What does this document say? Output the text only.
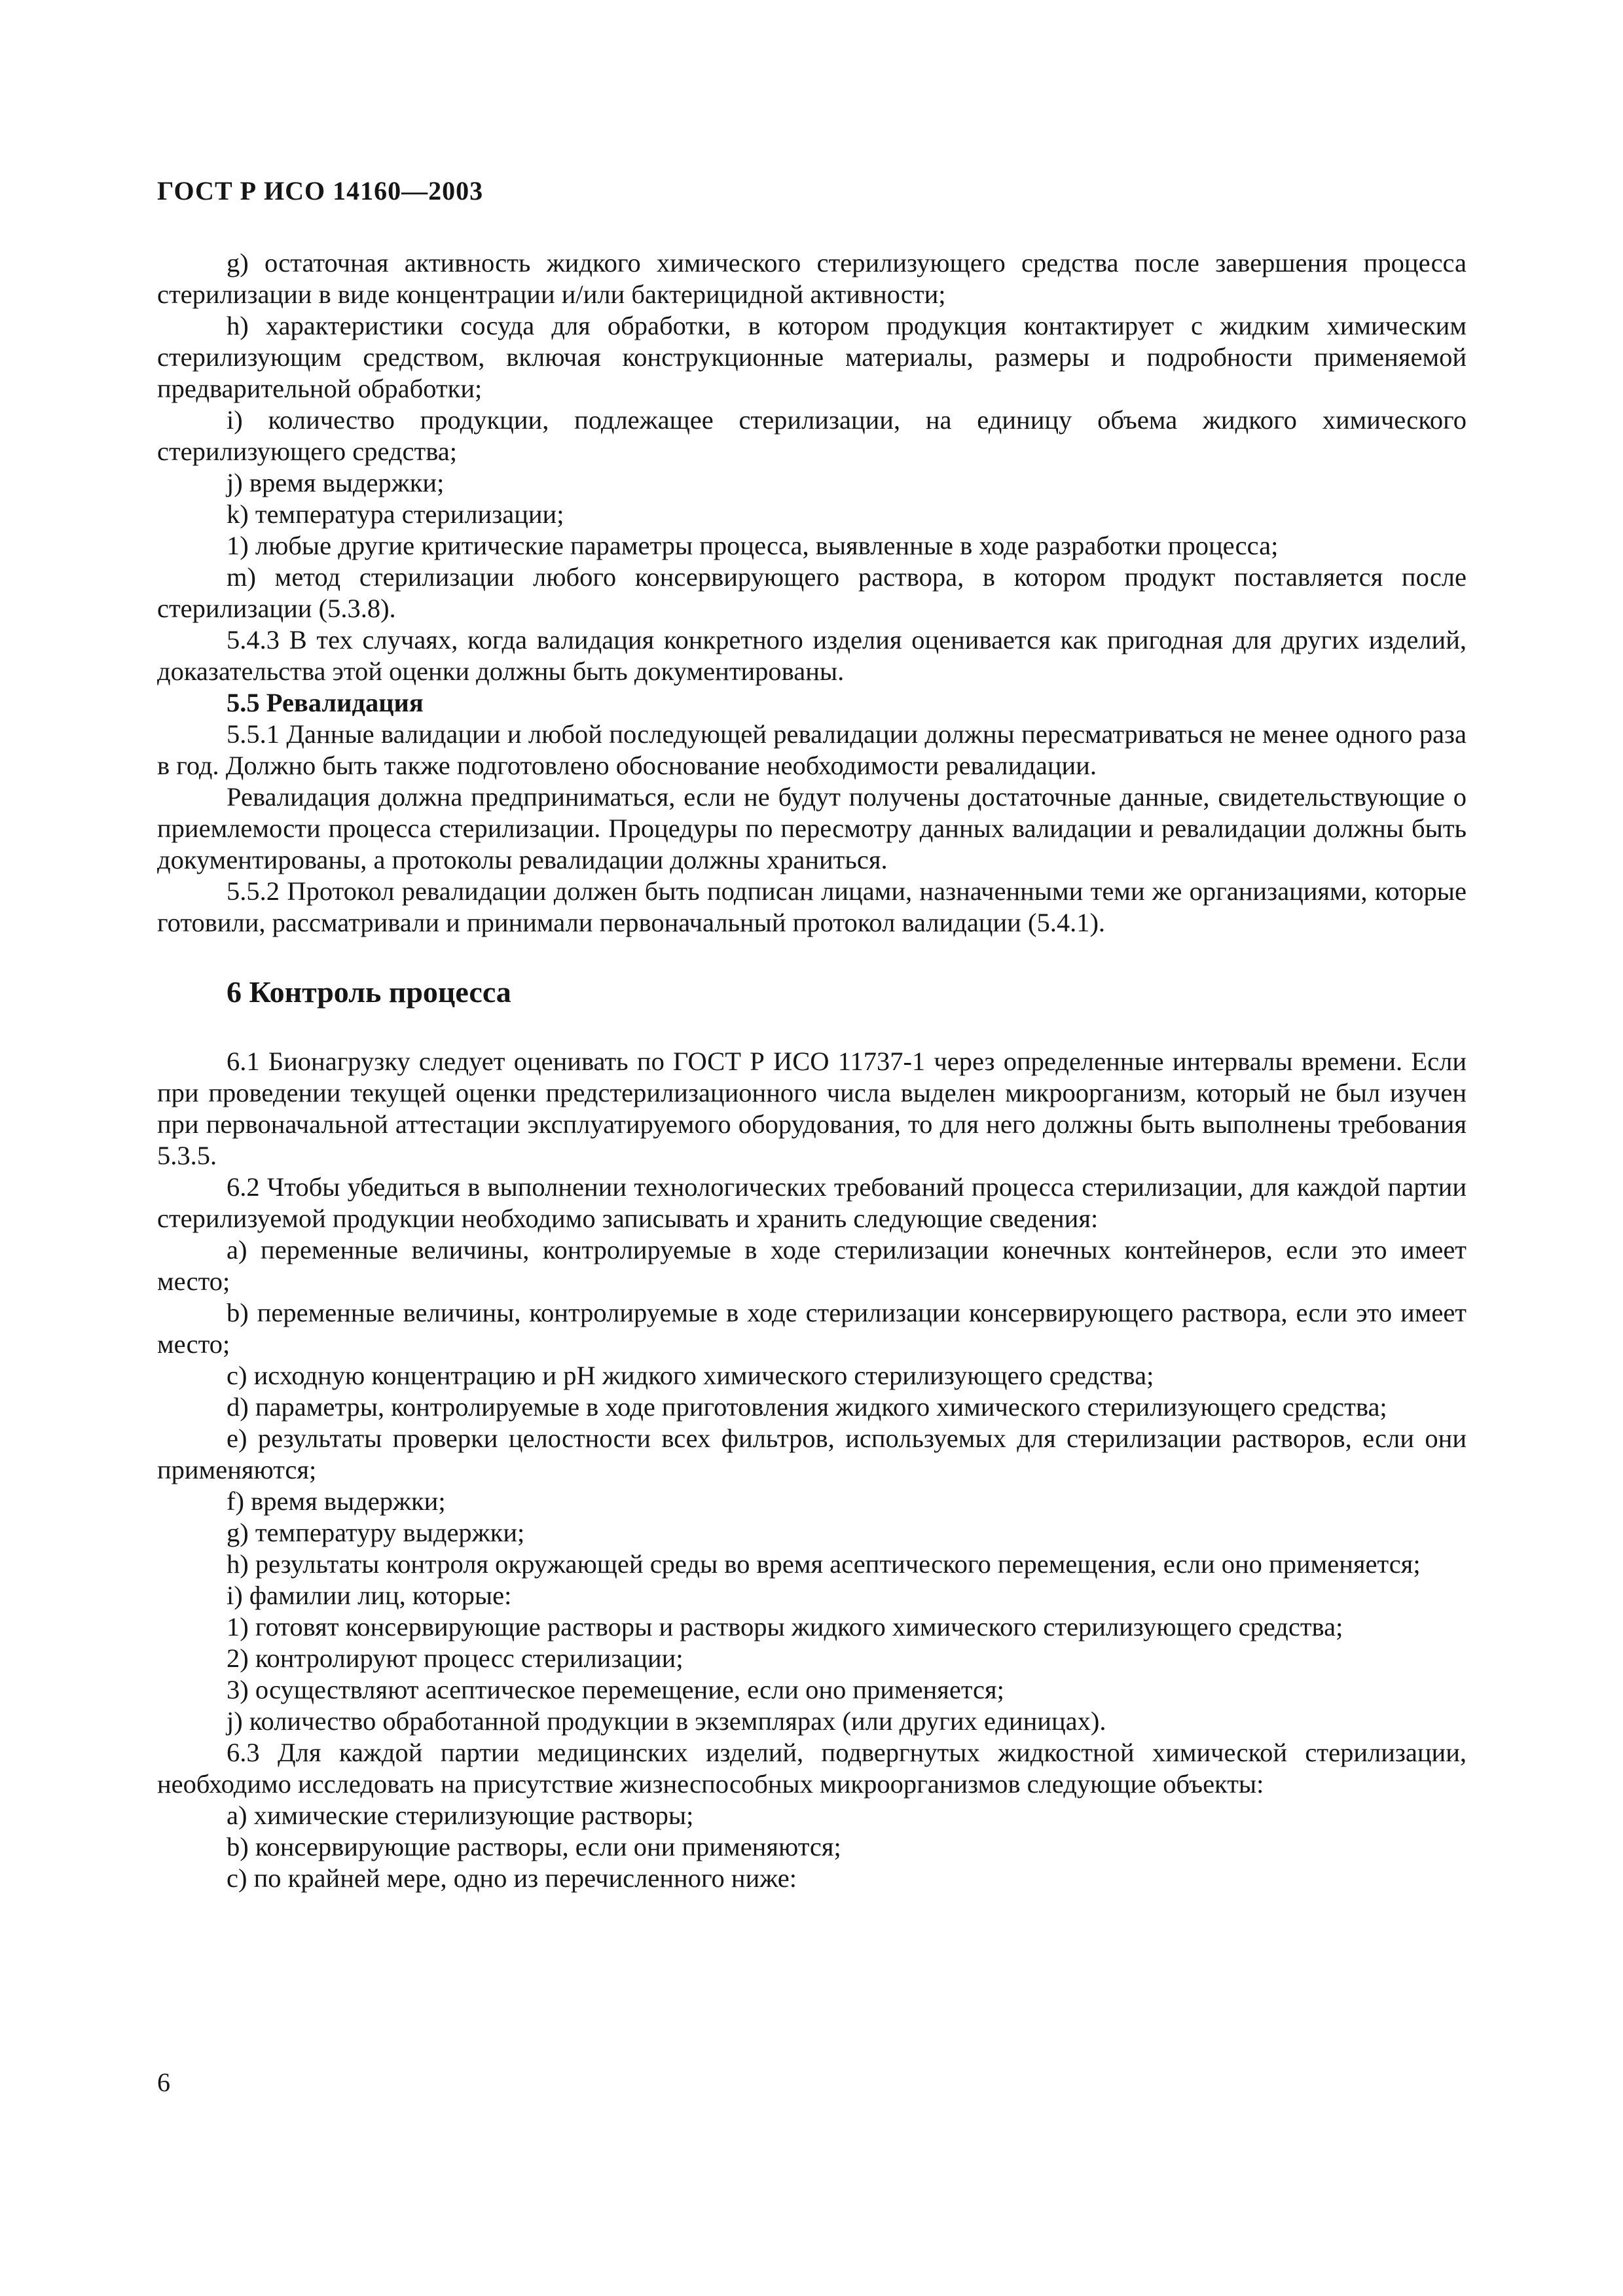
ГОСТ Р ИСО 14160—2003

g) остаточная активность жидкого химического стерилизующего средства после завершения процесса стерилизации в виде концентрации и/или бактерицидной активности;

h) характеристики сосуда для обработки, в котором продукция контактирует с жидким химическим стерилизующим средством, включая конструкционные материалы, размеры и подробности применяемой предварительной обработки;

i) количество продукции, подлежащее стерилизации, на единицу объема жидкого химического стерилизующего средства;

j) время выдержки;

k) температура стерилизации;

1) любые другие критические параметры процесса, выявленные в ходе разработки процесса;

m) метод стерилизации любого консервирующего раствора, в котором продукт поставляется после стерилизации (5.3.8).

5.4.3 В тех случаях, когда валидация конкретного изделия оценивается как пригодная для других изделий, доказательства этой оценки должны быть документированы.

5.5 Ревалидация

5.5.1 Данные валидации и любой последующей ревалидации должны пересматриваться не менее одного раза в год. Должно быть также подготовлено обоснование необходимости ревалидации.

Ревалидация должна предприниматься, если не будут получены достаточные данные, свидетельствующие о приемлемости процесса стерилизации. Процедуры по пересмотру данных валидации и ревалидации должны быть документированы, а протоколы ревалидации должны храниться.

5.5.2 Протокол ревалидации должен быть подписан лицами, назначенными теми же организациями, которые готовили, рассматривали и принимали первоначальный протокол валидации (5.4.1).

6 Контроль процесса

6.1 Бионагрузку следует оценивать по ГОСТ Р ИСО 11737-1 через определенные интервалы времени. Если при проведении текущей оценки предстерилизационного числа выделен микроорганизм, который не был изучен при первоначальной аттестации эксплуатируемого оборудования, то для него должны быть выполнены требования 5.3.5.

6.2 Чтобы убедиться в выполнении технологических требований процесса стерилизации, для каждой партии стерилизуемой продукции необходимо записывать и хранить следующие сведения:

a) переменные величины, контролируемые в ходе стерилизации конечных контейнеров, если это имеет место;

b) переменные величины, контролируемые в ходе стерилизации консервирующего раствора, если это имеет место;

c) исходную концентрацию и pH жидкого химического стерилизующего средства;

d) параметры, контролируемые в ходе приготовления жидкого химического стерилизующего средства;

e) результаты проверки целостности всех фильтров, используемых для стерилизации растворов, если они применяются;

f) время выдержки;

g) температуру выдержки;

h) результаты контроля окружающей среды во время асептического перемещения, если оно применяется;

i) фамилии лиц, которые:

1) готовят консервирующие растворы и растворы жидкого химического стерилизующего средства;

2) контролируют процесс стерилизации;

3) осуществляют асептическое перемещение, если оно применяется;

j) количество обработанной продукции в экземплярах (или других единицах).

6.3 Для каждой партии медицинских изделий, подвергнутых жидкостной химической стерилизации, необходимо исследовать на присутствие жизнеспособных микроорганизмов следующие объекты:

a) химические стерилизующие растворы;

b) консервирующие растворы, если они применяются;

c) по крайней мере, одно из перечисленного ниже:

6
